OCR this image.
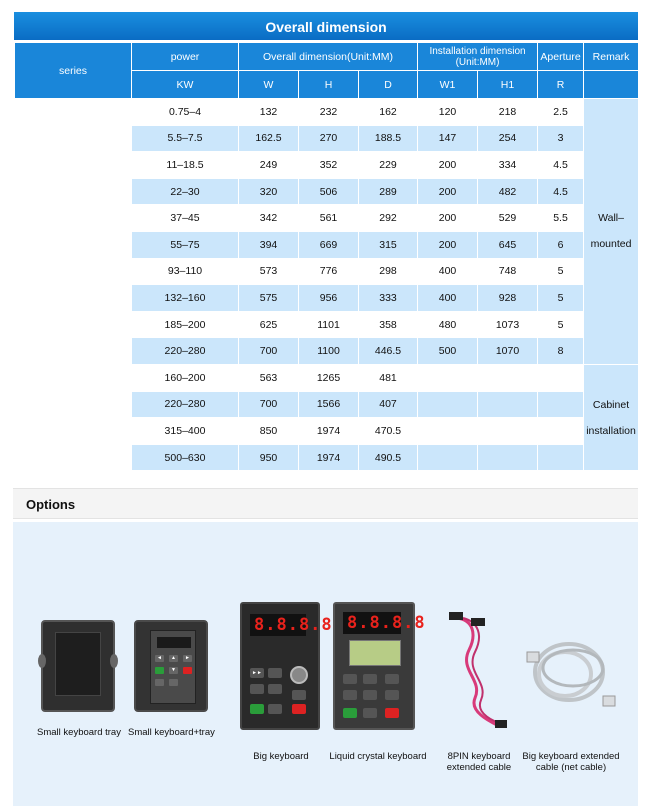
Overall dimension
series	power	Overall dimension(Unit:MM)			Installation dimension (Unit:MM)		Aperture	Remark
	KW	W	H	D	W1	H1	R	
3100	0.75–4	132	232	162	120	218	2.5	Wall–
mounted
	5.5–7.5	162.5	270	188.5	147	254	3	
	11–18.5	249	352	229	200	334	4.5	
	22–30	320	506	289	200	482	4.5	
	37–45	342	561	292	200	529	5.5	
	55–75	394	669	315	200	645	6	
	93–110	573	776	298	400	748	5	
	132–160	575	956	333	400	928	5	
	185–200	625	1101	358	480	1073	5	
	220–280	700	1100	446.5	500	1070	8	
	160–200	563	1265	481				Cabinet
installation
	220–280	700	1566	407				
	315–400	850	1974	470.5				
	500–630	950	1974	490.5				
Options
Small keyboard tray
◄	▲	►
▼
Small keyboard+tray
8.8.8.8
►►
Big keyboard
8.8.8.8
Liquid crystal keyboard	8PIN keyboard
extended cable
Big keyboard extended
cable (net cable)
